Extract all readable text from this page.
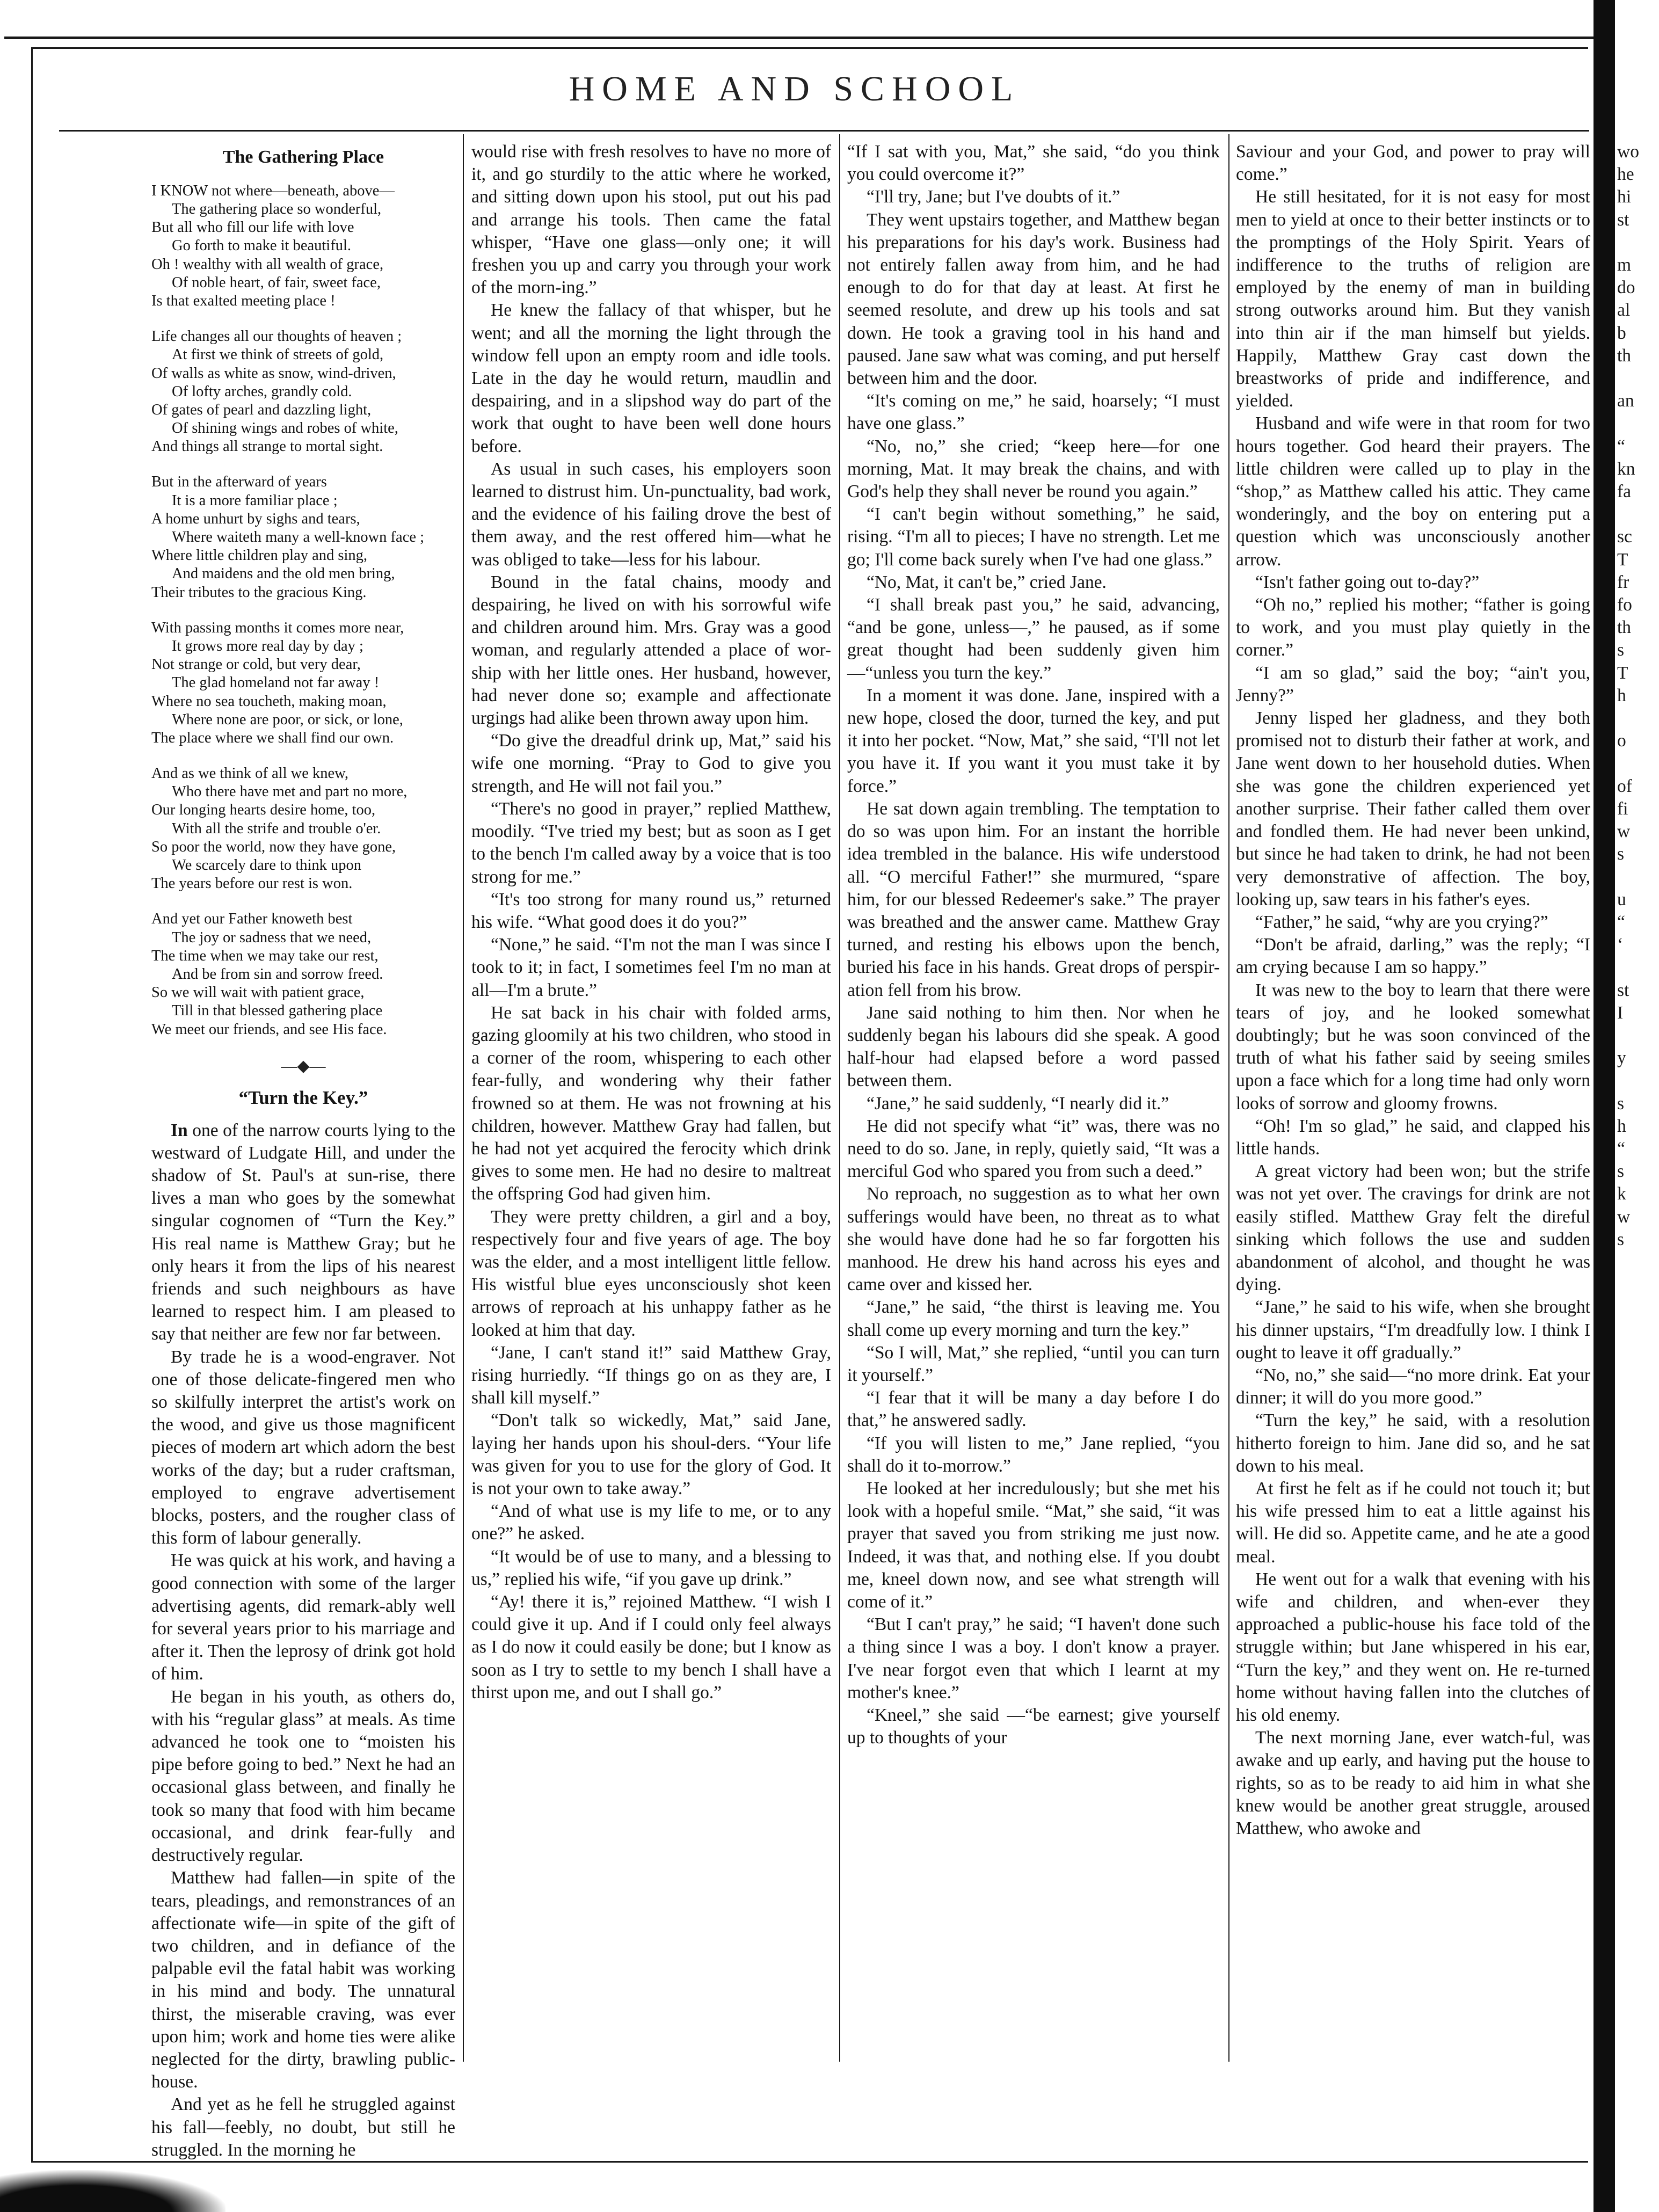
HOME AND SCHOOL
The Gathering Place
I KNOW not where—beneath, above—
The gathering place so wonderful,
But all who fill our life with love
Go forth to make it beautiful.
Oh ! wealthy with all wealth of grace,
Of noble heart, of fair, sweet face,
Is that exalted meeting place !
Life changes all our thoughts of heaven ;
At first we think of streets of gold,
Of walls as white as snow, wind-driven,
Of lofty arches, grandly cold.
Of gates of pearl and dazzling light,
Of shining wings and robes of white,
And things all strange to mortal sight.
But in the afterward of years
It is a more familiar place ;
A home unhurt by sighs and tears,
Where waiteth many a well-known face ;
Where little children play and sing,
And maidens and the old men bring,
Their tributes to the gracious King.
With passing months it comes more near,
It grows more real day by day ;
Not strange or cold, but very dear,
The glad homeland not far away !
Where no sea toucheth, making moan,
Where none are poor, or sick, or lone,
The place where we shall find our own.
And as we think of all we knew,
Who there have met and part no more,
Our longing hearts desire home, too,
With all the strife and trouble o'er.
So poor the world, now they have gone,
We scarcely dare to think upon
The years before our rest is won.
And yet our Father knoweth best
The joy or sadness that we need,
The time when we may take our rest,
And be from sin and sorrow freed.
So we will wait with patient grace,
Till in that blessed gathering place
We meet our friends, and see His face.
—◆—
“Turn the Key.”

In one of the narrow courts lying to the westward of Ludgate Hill, and under the shadow of St. Paul's at sun-rise, there lives a man who goes by the somewhat singular cognomen of “Turn the Key.” His real name is Matthew Gray; but he only hears it from the lips of his nearest friends and such neighbours as have learned to respect him. I am pleased to say that neither are few nor far between.

By trade he is a wood-engraver. Not one of those delicate-fingered men who so skilfully interpret the artist's work on the wood, and give us those magnificent pieces of modern art which adorn the best works of the day; but a ruder craftsman, employed to engrave advertisement blocks, posters, and the rougher class of this form of labour generally.

He was quick at his work, and having a good connection with some of the larger advertising agents, did remark-ably well for several years prior to his marriage and after it. Then the leprosy of drink got hold of him.

He began in his youth, as others do, with his “regular glass” at meals. As time advanced he took one to “moisten his pipe before going to bed.” Next he had an occasional glass between, and finally he took so many that food with him became occasional, and drink fear-fully and destructively regular.

Matthew had fallen—in spite of the tears, pleadings, and remonstrances of an affectionate wife—in spite of the gift of two children, and in defiance of the palpable evil the fatal habit was working in his mind and body. The unnatural thirst, the miserable craving, was ever upon him; work and home ties were alike neglected for the dirty, brawling public-house.

And yet as he fell he struggled against his fall—feebly, no doubt, but still he struggled. In the morning he

would rise with fresh resolves to have no more of it, and go sturdily to the attic where he worked, and sitting down upon his stool, put out his pad and arrange his tools. Then came the fatal whisper, “Have one glass—only one; it will freshen you up and carry you through your work of the morn-ing.”

He knew the fallacy of that whisper, but he went; and all the morning the light through the window fell upon an empty room and idle tools. Late in the day he would return, maudlin and despairing, and in a slipshod way do part of the work that ought to have been well done hours before.

As usual in such cases, his employers soon learned to distrust him. Un-punctuality, bad work, and the evidence of his failing drove the best of them away, and the rest offered him—what he was obliged to take—less for his labour.

Bound in the fatal chains, moody and despairing, he lived on with his sorrowful wife and children around him. Mrs. Gray was a good woman, and regularly attended a place of wor-ship with her little ones. Her husband, however, had never done so; example and affectionate urgings had alike been thrown away upon him.

“Do give the dreadful drink up, Mat,” said his wife one morning. “Pray to God to give you strength, and He will not fail you.”

“There's no good in prayer,” replied Matthew, moodily. “I've tried my best; but as soon as I get to the bench I'm called away by a voice that is too strong for me.”

“It's too strong for many round us,” returned his wife. “What good does it do you?”

“None,” he said. “I'm not the man I was since I took to it; in fact, I sometimes feel I'm no man at all—I'm a brute.”

He sat back in his chair with folded arms, gazing gloomily at his two children, who stood in a corner of the room, whispering to each other fear-fully, and wondering why their father frowned so at them. He was not frowning at his children, however. Matthew Gray had fallen, but he had not yet acquired the ferocity which drink gives to some men. He had no desire to maltreat the offspring God had given him.

They were pretty children, a girl and a boy, respectively four and five years of age. The boy was the elder, and a most intelligent little fellow. His wistful blue eyes unconsciously shot keen arrows of reproach at his unhappy father as he looked at him that day.

“Jane, I can't stand it!” said Matthew Gray, rising hurriedly. “If things go on as they are, I shall kill myself.”

“Don't talk so wickedly, Mat,” said Jane, laying her hands upon his shoul-ders. “Your life was given for you to use for the glory of God. It is not your own to take away.”

“And of what use is my life to me, or to any one?” he asked.

“It would be of use to many, and a blessing to us,” replied his wife, “if you gave up drink.”

“Ay! there it is,” rejoined Matthew. “I wish I could give it up. And if I could only feel always as I do now it could easily be done; but I know as soon as I try to settle to my bench I shall have a thirst upon me, and out I shall go.”

“If I sat with you, Mat,” she said, “do you think you could overcome it?”

“I'll try, Jane; but I've doubts of it.”

They went upstairs together, and Matthew began his preparations for his day's work. Business had not entirely fallen away from him, and he had enough to do for that day at least. At first he seemed resolute, and drew up his tools and sat down. He took a graving tool in his hand and paused. Jane saw what was coming, and put herself between him and the door.

“It's coming on me,” he said, hoarsely; “I must have one glass.”

“No, no,” she cried; “keep here—for one morning, Mat. It may break the chains, and with God's help they shall never be round you again.”

“I can't begin without something,” he said, rising. “I'm all to pieces; I have no strength. Let me go; I'll come back surely when I've had one glass.”

“No, Mat, it can't be,” cried Jane.

“I shall break past you,” he said, advancing, “and be gone, unless—,” he paused, as if some great thought had been suddenly given him—“unless you turn the key.”

In a moment it was done. Jane, inspired with a new hope, closed the door, turned the key, and put it into her pocket. “Now, Mat,” she said, “I'll not let you have it. If you want it you must take it by force.”

He sat down again trembling. The temptation to do so was upon him. For an instant the horrible idea trembled in the balance. His wife understood all. “O merciful Father!” she murmured, “spare him, for our blessed Redeemer's sake.” The prayer was breathed and the answer came. Matthew Gray turned, and resting his elbows upon the bench, buried his face in his hands. Great drops of perspir-ation fell from his brow.

Jane said nothing to him then. Nor when he suddenly began his labours did she speak. A good half-hour had elapsed before a word passed between them.

“Jane,” he said suddenly, “I nearly did it.”

He did not specify what “it” was, there was no need to do so. Jane, in reply, quietly said, “It was a merciful God who spared you from such a deed.”

No reproach, no suggestion as to what her own sufferings would have been, no threat as to what she would have done had he so far forgotten his manhood. He drew his hand across his eyes and came over and kissed her.

“Jane,” he said, “the thirst is leaving me. You shall come up every morning and turn the key.”

“So I will, Mat,” she replied, “until you can turn it yourself.”

“I fear that it will be many a day before I do that,” he answered sadly.

“If you will listen to me,” Jane replied, “you shall do it to-morrow.”

He looked at her incredulously; but she met his look with a hopeful smile. “Mat,” she said, “it was prayer that saved you from striking me just now. Indeed, it was that, and nothing else. If you doubt me, kneel down now, and see what strength will come of it.”

“But I can't pray,” he said; “I haven't done such a thing since I was a boy. I don't know a prayer. I've near forgot even that which I learnt at my mother's knee.”

“Kneel,” she said —“be earnest; give yourself up to thoughts of your

Saviour and your God, and power to pray will come.”

He still hesitated, for it is not easy for most men to yield at once to their better instincts or to the promptings of the Holy Spirit. Years of indifference to the truths of religion are employed by the enemy of man in building strong outworks around him. But they vanish into thin air if the man himself but yields. Happily, Matthew Gray cast down the breastworks of pride and indifference, and yielded.

Husband and wife were in that room for two hours together. God heard their prayers. The little children were called up to play in the “shop,” as Matthew called his attic. They came wonderingly, and the boy on entering put a question which was unconsciously another arrow.

“Isn't father going out to-day?”

“Oh no,” replied his mother; “father is going to work, and you must play quietly in the corner.”

“I am so glad,” said the boy; “ain't you, Jenny?”

Jenny lisped her gladness, and they both promised not to disturb their father at work, and Jane went down to her household duties. When she was gone the children experienced yet another surprise. Their father called them over and fondled them. He had never been unkind, but since he had taken to drink, he had not been very demonstrative of affection. The boy, looking up, saw tears in his father's eyes.

“Father,” he said, “why are you crying?”

“Don't be afraid, darling,” was the reply; “I am crying because I am so happy.”

It was new to the boy to learn that there were tears of joy, and he looked somewhat doubtingly; but he was soon convinced of the truth of what his father said by seeing smiles upon a face which for a long time had only worn looks of sorrow and gloomy frowns.

“Oh! I'm so glad,” he said, and clapped his little hands.

A great victory had been won; but the strife was not yet over. The cravings for drink are not easily stifled. Matthew Gray felt the direful sinking which follows the use and sudden abandonment of alcohol, and thought he was dying.

“Jane,” he said to his wife, when she brought his dinner upstairs, “I'm dreadfully low. I think I ought to leave it off gradually.”

“No, no,” she said—“no more drink. Eat your dinner; it will do you more good.”

“Turn the key,” he said, with a resolution hitherto foreign to him. Jane did so, and he sat down to his meal.

At first he felt as if he could not touch it; but his wife pressed him to eat a little against his will. He did so. Appetite came, and he ate a good meal.

He went out for a walk that evening with his wife and children, and when-ever they approached a public-house his face told of the struggle within; but Jane whispered in his ear, “Turn the key,” and they went on. He re-turned home without having fallen into the clutches of his old enemy.

The next morning Jane, ever watch-ful, was awake and up early, and having put the house to rights, so as to be ready to aid him in what she knew would be another great struggle, aroused Matthew, who awoke and

wo
he
hi
st

m
do
al
b
th

an

“
kn
fa

sc
T
fr
fo
th
s
T
h

o

of
fi
w
s

u
“
‘

st
I

y

s
h
“
s
k
w
s
